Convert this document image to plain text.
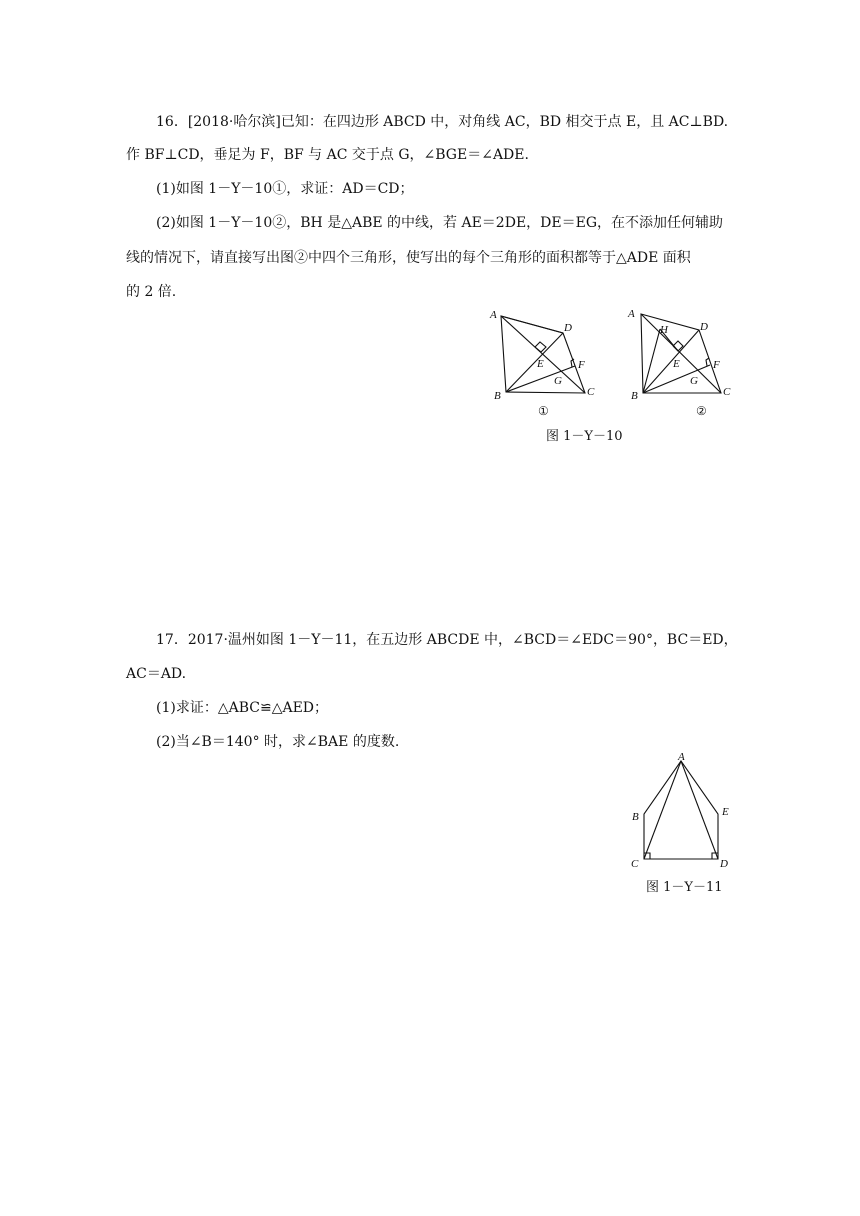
16．[2018·哈尔滨]已知：在四边形 ABCD 中，对角线 AC，BD 相交于点 E，且 AC⊥BD.
作 BF⊥CD，垂足为 F，BF 与 AC 交于点 G，∠BGE＝∠ADE.
(1)如图 1－Y－10①，求证：AD＝CD；
(2)如图 1－Y－10②，BH 是△ABE 的中线，若 AE＝2DE，DE＝EG，在不添加任何辅助
线的情况下，请直接写出图②中四个三角形，使写出的每个三角形的面积都等于△ADE 面积
的 2 倍.
A
D
E	F
G
B	C
①
A
H	D
E	F
G
B	C
②
图 1－Y－10
17．2017·温州如图 1－Y－11，在五边形 ABCDE 中，∠BCD＝∠EDC＝90°，BC＝ED，
AC＝AD.
(1)求证：△ABC≌△AED；
(2)当∠B＝140° 时，求∠BAE 的度数.
A
B	E
C	D
图 1－Y－11
